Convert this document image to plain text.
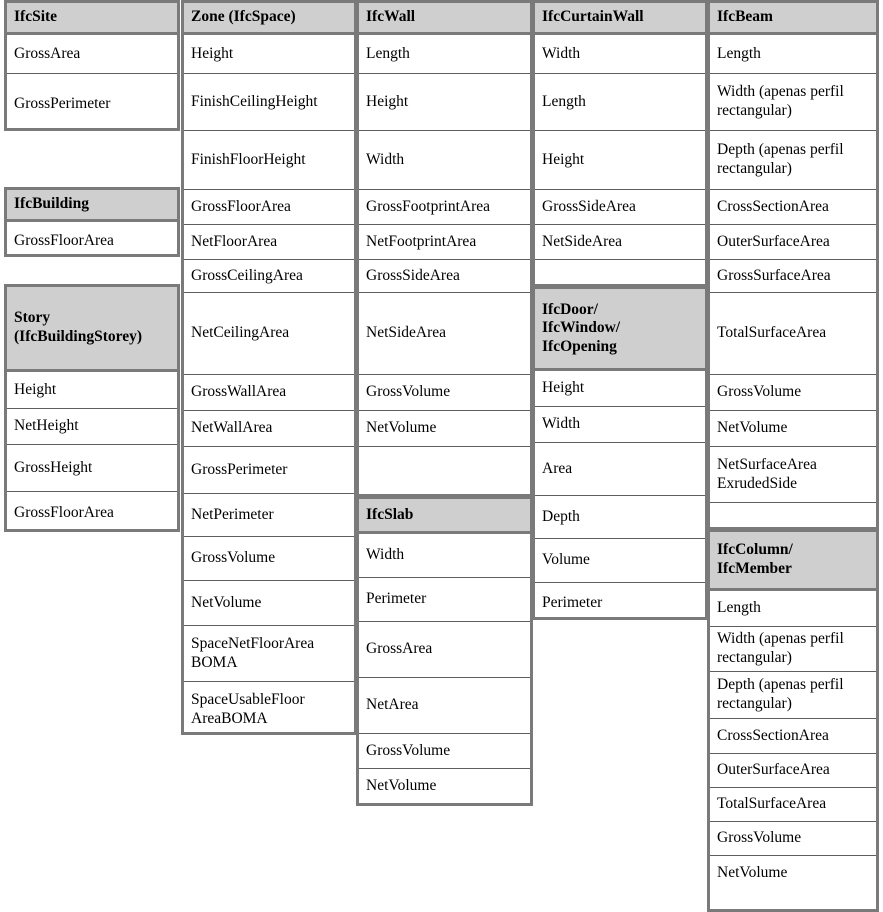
IfcSite
GrossArea
GrossPerimeter
IfcBuilding
GrossFloorArea
Story
(IfcBuildingStorey)
Height
NetHeight
GrossHeight
GrossFloorArea
Zone (IfcSpace)
Height
FinishCeilingHeight
FinishFloorHeight
GrossFloorArea
NetFloorArea
GrossCeilingArea
NetCeilingArea
GrossWallArea
NetWallArea
GrossPerimeter
NetPerimeter
GrossVolume
NetVolume
SpaceNetFloorArea
BOMA
SpaceUsableFloor
AreaBOMA
IfcWall
Length
Height
Width
GrossFootprintArea
NetFootprintArea
GrossSideArea
NetSideArea
GrossVolume
NetVolume
IfcSlab
Width
Perimeter
GrossArea
NetArea
GrossVolume
NetVolume
IfcCurtainWall
Width
Length
Height
GrossSideArea
NetSideArea
IfcDoor/
IfcWindow/
IfcOpening
Height
Width
Area
Depth
Volume
Perimeter
IfcBeam
Length
Width (apenas perfil
rectangular)
Depth (apenas perfil
rectangular)
CrossSectionArea
OuterSurfaceArea
GrossSurfaceArea
TotalSurfaceArea
GrossVolume
NetVolume
NetSurfaceArea
ExrudedSide
IfcColumn/
IfcMember
Length
Width (apenas perfil
rectangular)
Depth (apenas perfil
rectangular)
CrossSectionArea
OuterSurfaceArea
TotalSurfaceArea
GrossVolume
NetVolume
